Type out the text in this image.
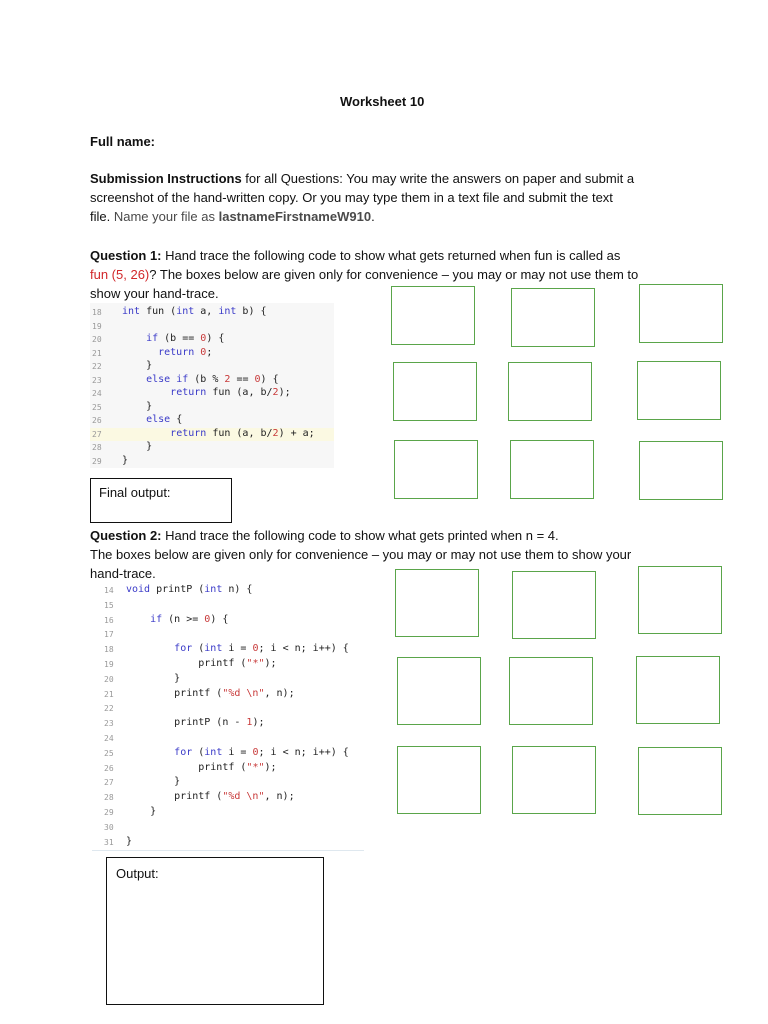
Worksheet 10
Full name:
Submission Instructions for all Questions: You may write the answers on paper and submit a
screenshot of the hand-written copy. Or you may type them in a text file and submit the text
file. Name your file as lastnameFirstnameW910.
Question 1: Hand trace the following code to show what gets returned when fun is called as
fun (5, 26)? The boxes below are given only for convenience – you may or may not use them to
show your hand-trace.
18	int fun (int a, int b) {
19
20	if (b == 0) {
21	return 0;
22	}
23	else if (b % 2 == 0) {
24	return fun (a, b/2);
25	}
26	else {
27	return fun (a, b/2) + a;
28	}
29	}
Final output:
Question 2: Hand trace the following code to show what gets printed when n = 4.
The boxes below are given only for convenience – you may or may not use them to show your
hand-trace.
14	void printP (int n) {
15
16	if (n >= 0) {
17
18	for (int i = 0; i < n; i++) {
19	printf ("*");
20	}
21	printf ("%d \n", n);
22
23	printP (n - 1);
24
25	for (int i = 0; i < n; i++) {
26	printf ("*");
27	}
28	printf ("%d \n", n);
29	}
30
31	}
Output:
